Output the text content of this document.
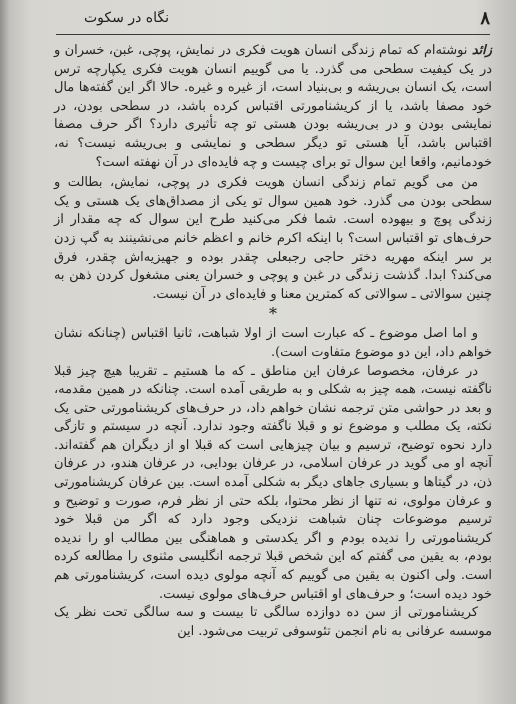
نگاه در سکوت	۸

زائد نوشته‌ام که تمام زندگی انسان هویت فکری در نمایش، پوچی، غبن، خسران و در یک کیفیت سطحی می گذرد. یا می گوییم انسان هویت فکری یکپارچه ترس است، یک انسان بی‌ریشه و بی‌بنیاد است، از غیره و غیره. حالا اگر این گفته‌ها مال خود مصفا باشد، یا از کریشنامورتی اقتباس کرده باشد، در سطحی بودن، در نمایشی بودن و در بی‌ریشه بودن هستی تو چه تأثیری دارد؟ اگر حرف مصفا اقتباس باشد، آیا هستی تو دیگر سطحی و نمایشی و بی‌ریشه نیست؟ نه، خودمانیم، واقعا این سوال تو برای چیست و چه فایده‌ای در آن نهفته است؟

من می گویم تمام زندگی انسان هویت فکری در پوچی، نمایش، بطالت و سطحی بودن می گذرد. خود همین سوال تو یکی از مصداق‌های یک هستی و یک زندگی پوچ و بیهوده است. شما فکر می‌کنید طرح این سوال که چه مقدار از حرف‌های تو اقتباس است؟ با اینکه اکرم خانم و اعظم خانم می‌نشینند به گپ زدن بر سر اینکه مهریه دختر حاجی رجبعلی چقدر بوده و جهیزیه‌اش چقدر، فرق می‌کند؟ ابدا. گذشت زندگی در غبن و پوچی و خسران یعنی مشغول کردن ذهن به چنین سوالاتی ـ سوالاتی که کمترین معنا و فایده‌ای در آن نیست.

*

و اما اصل موضوع ـ که عبارت است از اولا شباهت، ثانیا اقتباس (چنانکه نشان خواهم داد، این دو موضوع متفاوت است).

در عرفان، مخصوصا عرفان این مناطق ـ که ما هستیم ـ تقریبا هیچ چیز قبلا ناگفته نیست، همه چیز به شکلی و به طریقی آمده است. چنانکه در همین مقدمه، و بعد در حواشی متن ترجمه نشان خواهم داد، در حرف‌های کریشنامورتی حتی یک نکته، یک مطلب و موضوع نو و قبلا ناگفته وجود ندارد. آنچه در سیستم و تازگی دارد نحوه توضیح، ترسیم و بیان چیزهایی است که قبلا او از دیگران هم گفته‌اند. آنچه او می گوید در عرفان اسلامی، در عرفان بودایی، در عرفان هندو، در عرفان ذن، در گیتاها و بسیاری جاهای دیگر به شکلی آمده است. بین عرفان کریشنامورتی و عرفان مولوی، نه تنها از نظر محتوا، بلکه حتی از نظر فرم، صورت و توضیح و ترسیم موضوعات چنان شباهت نزدیکی وجود دارد که اگر من قبلا خود کریشنامورتی را ندیده بودم و اگر یکدستی و هماهنگی بین مطالب او را ندیده بودم، به یقین می گفتم که این شخص قبلا ترجمه انگلیسی مثنوی را مطالعه کرده است. ولی اکنون به یقین می گوییم که آنچه مولوی دیده است، کریشنامورتی هم خود دیده است؛ و حرف‌های او اقتباس حرف‌های مولوی نیست.

کریشنامورتی از سن ده دوازده سالگی تا بیست و سه سالگی تحت نظر یک موسسه عرفانی به نام انجمن تئوسوفی تربیت می‌شود. این
